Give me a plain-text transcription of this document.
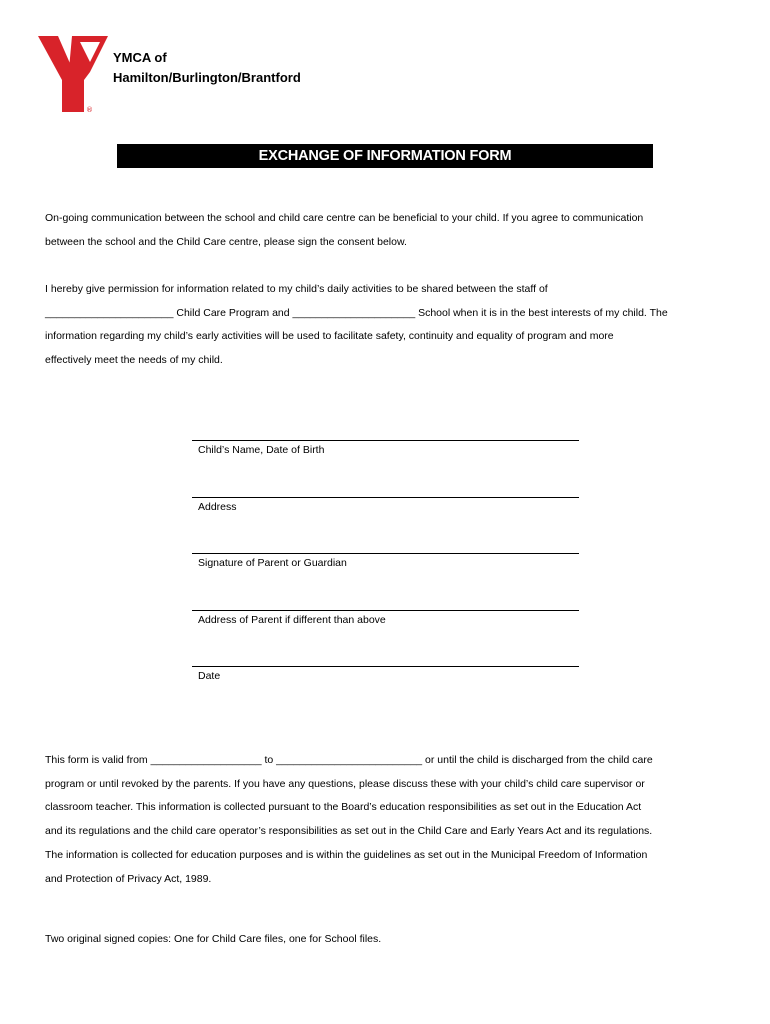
®
YMCA of
Hamilton/Burlington/Brantford
EXCHANGE OF INFORMATION FORM
On-going communication between the school and child care centre can be beneficial to your child. If you agree to communication
between the school and the Child Care centre, please sign the consent below.
I hereby give permission for information related to my child’s daily activities to be shared between the staff of
______________________ Child Care Program and _____________________ School when it is in the best interests of my child. The
information regarding my child’s early activities will be used to facilitate safety, continuity and equality of program and more
effectively meet the needs of my child.
Child’s Name, Date of Birth
Address
Signature of Parent or Guardian
Address of Parent if different than above
Date
This form is valid from ___________________ to _________________________ or until the child is discharged from the child care
program or until revoked by the parents. If you have any questions, please discuss these with your child’s child care supervisor or
classroom teacher. This information is collected pursuant to the Board’s education responsibilities as set out in the Education Act
and its regulations and the child care operator’s responsibilities as set out in the Child Care and Early Years Act and its regulations.
The information is collected for education purposes and is within the guidelines as set out in the Municipal Freedom of Information
and Protection of Privacy Act, 1989.
Two original signed copies: One for Child Care files, one for School files.
